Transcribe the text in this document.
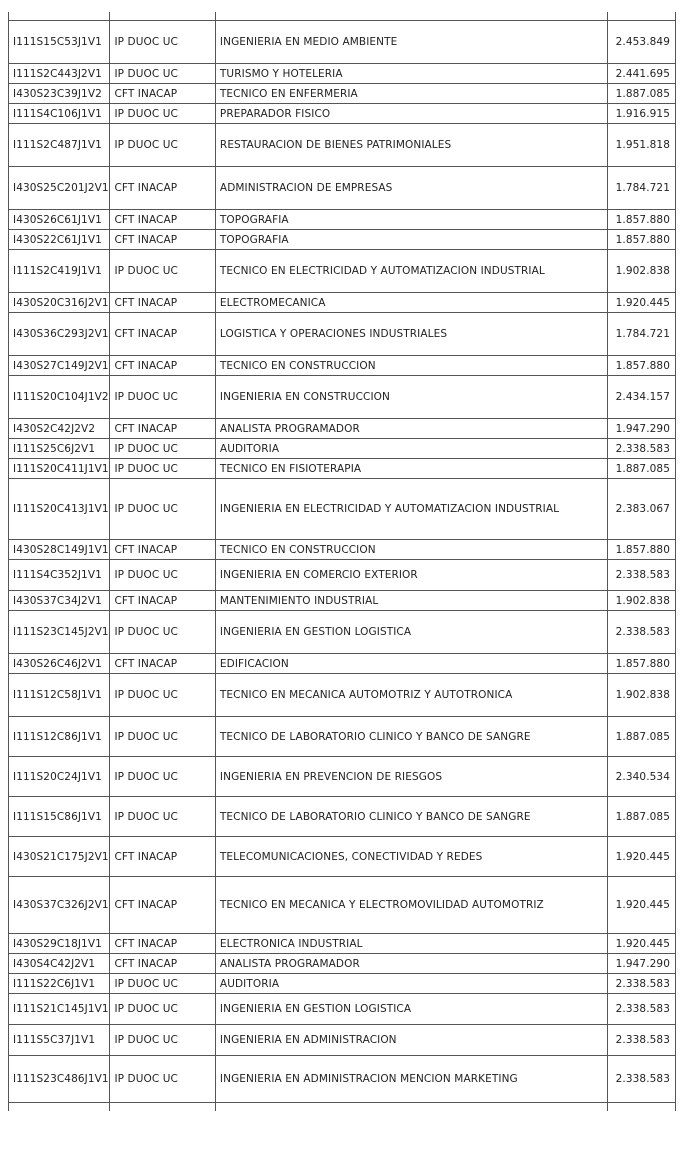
I111S15C53J1V1	IP DUOC UC	INGENIERIA EN MEDIO AMBIENTE	2.453.849
I111S2C443J2V1	IP DUOC UC	TURISMO Y HOTELERIA	2.441.695
I430S23C39J1V2	CFT INACAP	TECNICO EN ENFERMERIA	1.887.085
I111S4C106J1V1	IP DUOC UC	PREPARADOR FISICO	1.916.915
I111S2C487J1V1	IP DUOC UC	RESTAURACION DE BIENES PATRIMONIALES	1.951.818
I430S25C201J2V1	CFT INACAP	ADMINISTRACION DE EMPRESAS	1.784.721
I430S26C61J1V1	CFT INACAP	TOPOGRAFIA	1.857.880
I430S22C61J1V1	CFT INACAP	TOPOGRAFIA	1.857.880
I111S2C419J1V1	IP DUOC UC	TECNICO EN ELECTRICIDAD Y AUTOMATIZACION INDUSTRIAL	1.902.838
I430S20C316J2V1	CFT INACAP	ELECTROMECANICA	1.920.445
I430S36C293J2V1	CFT INACAP	LOGISTICA Y OPERACIONES INDUSTRIALES	1.784.721
I430S27C149J2V1	CFT INACAP	TECNICO EN CONSTRUCCION	1.857.880
I111S20C104J1V2	IP DUOC UC	INGENIERIA EN CONSTRUCCION	2.434.157
I430S2C42J2V2	CFT INACAP	ANALISTA PROGRAMADOR	1.947.290
I111S25C6J2V1	IP DUOC UC	AUDITORIA	2.338.583
I111S20C411J1V1	IP DUOC UC	TECNICO EN FISIOTERAPIA	1.887.085
I111S20C413J1V1	IP DUOC UC	INGENIERIA EN ELECTRICIDAD Y AUTOMATIZACION INDUSTRIAL	2.383.067
I430S28C149J1V1	CFT INACAP	TECNICO EN CONSTRUCCION	1.857.880
I111S4C352J1V1	IP DUOC UC	INGENIERIA EN COMERCIO EXTERIOR	2.338.583
I430S37C34J2V1	CFT INACAP	MANTENIMIENTO INDUSTRIAL	1.902.838
I111S23C145J2V1	IP DUOC UC	INGENIERIA EN GESTION LOGISTICA	2.338.583
I430S26C46J2V1	CFT INACAP	EDIFICACION	1.857.880
I111S12C58J1V1	IP DUOC UC	TECNICO EN MECANICA AUTOMOTRIZ Y AUTOTRONICA	1.902.838
I111S12C86J1V1	IP DUOC UC	TECNICO DE LABORATORIO CLINICO Y BANCO DE SANGRE	1.887.085
I111S20C24J1V1	IP DUOC UC	INGENIERIA EN PREVENCION DE RIESGOS	2.340.534
I111S15C86J1V1	IP DUOC UC	TECNICO DE LABORATORIO CLINICO Y BANCO DE SANGRE	1.887.085
I430S21C175J2V1	CFT INACAP	TELECOMUNICACIONES, CONECTIVIDAD Y REDES	1.920.445
I430S37C326J2V1	CFT INACAP	TECNICO EN MECANICA Y ELECTROMOVILIDAD AUTOMOTRIZ	1.920.445
I430S29C18J1V1	CFT INACAP	ELECTRONICA INDUSTRIAL	1.920.445
I430S4C42J2V1	CFT INACAP	ANALISTA PROGRAMADOR	1.947.290
I111S22C6J1V1	IP DUOC UC	AUDITORIA	2.338.583
I111S21C145J1V1	IP DUOC UC	INGENIERIA EN GESTION LOGISTICA	2.338.583
I111S5C37J1V1	IP DUOC UC	INGENIERIA EN ADMINISTRACION	2.338.583
I111S23C486J1V1	IP DUOC UC	INGENIERIA EN ADMINISTRACION MENCION MARKETING	2.338.583
